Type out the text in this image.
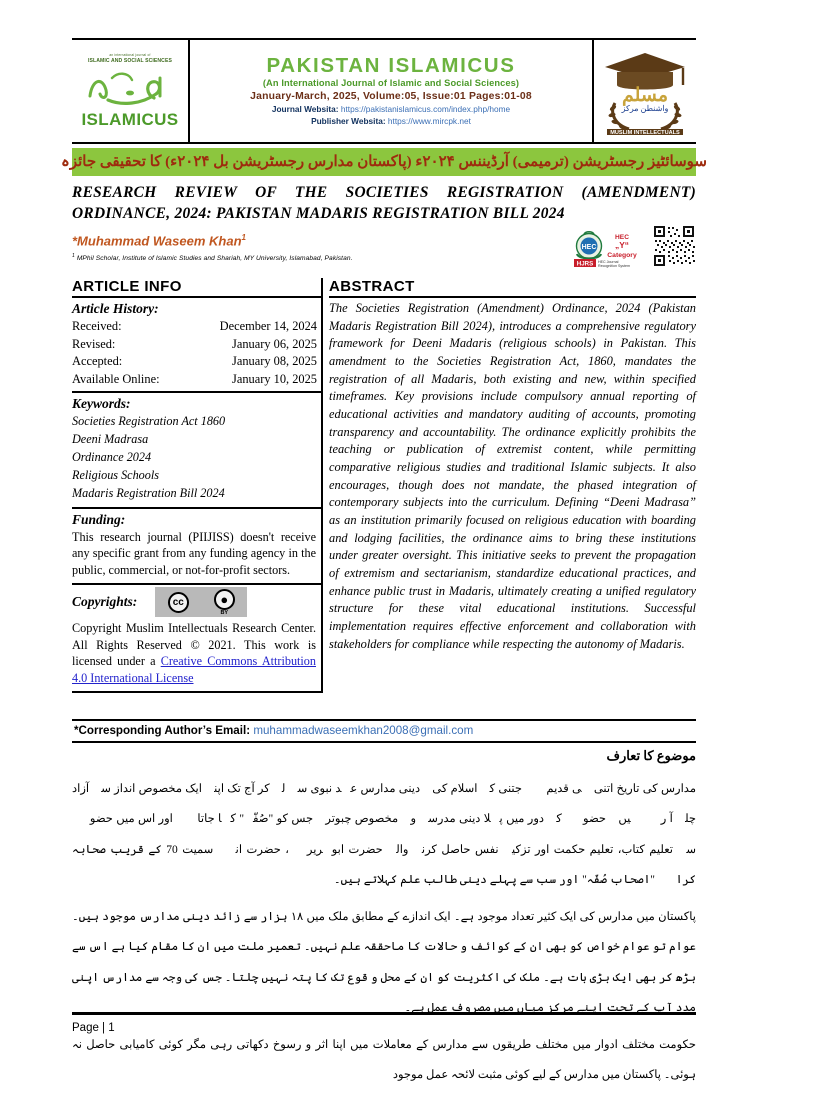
an international journal of
ISLAMIC AND SOCIAL SCIENCES
ISLAMICUS
PAKISTAN ISLAMICUS
(An International Journal of Islamic and Social Sciences)
January-March, 2025, Volume:05, Issue:01 Pages:01-08
Journal Websita: https://pakistanislamicus.com/index.php/home
Publisher Websita: https://www.mircpk.net
مسلم
واشنطن مركز
MUSLIM INTELLECTUALS
سوسائٹیز رجسٹریشن (ترمیمی) آرڈیننس ۲۰۲۴ء (پاکستان مدارس رجسٹریشن بل ۲۰۲۴ء) کا تحقیقی جائزہ
RESEARCH REVIEW OF THE SOCIETIES REGISTRATION (AMENDMENT) ORDINANCE, 2024: PAKISTAN MADARIS REGISTRATION BILL 2024
*Muhammad Waseem Khan$^1$
$^1$ MPhil Scholar, Institute of Islamic Studies and Shariah, MY University, Islamabad, Pakistan.
HEC
HEC
„Y“
Category
HJRS HEC Journal
Recognition System
ARTICLE INFO
Article History:
Received:	December 14, 2024
Revised:	January 06, 2025
Accepted:	January 08, 2025
Available Online:	January 10, 2025
Keywords:
Societies Registration Act 1860
Deeni Madrasa
Ordinance 2024
Religious Schools
Madaris Registration Bill 2024
Funding:
This research journal (PIIJISS) doesn't receive any specific grant from any funding agency in the public, commercial, or not-for-profit sectors.
Copyrights:	cc	●
BY
Copyright Muslim Intellectuals Research Center. All Rights Reserved © 2021. This work is licensed under a Creative Commons Attribution 4.0 International License
ABSTRACT
The Societies Registration (Amendment) Ordinance, 2024 (Pakistan Madaris Registration Bill 2024), introduces a comprehensive regulatory framework for Deeni Madaris (religious schools) in Pakistan. This amendment to the Societies Registration Act, 1860, mandates the registration of all Madaris, both existing and new, within specified timeframes. Key provisions include compulsory annual reporting of educational activities and mandatory auditing of accounts, promoting transparency and accountability. The ordinance explicitly prohibits the teaching or publication of extremist content, while permitting comparative religious studies and traditional Islamic subjects. It also encourages, though does not mandate, the phased integration of contemporary subjects into the curriculum. Defining “Deeni Madrasa” as an institution primarily focused on religious education with boarding and lodging facilities, the ordinance aims to bring these institutions under greater oversight. This initiative seeks to prevent the propagation of extremism and sectarianism, standardize educational practices, and enhance public trust in Madaris, ultimately creating a unified regulatory structure for these vital educational institutions. Successful implementation requires effective enforcement and collaboration with stakeholders for compliance while respecting the autonomy of Madaris.
*Corresponding Author’s Email: muhammadwaseemkhan2008@gmail.com
موضوع کا تعارف

مدارس کی تاریخ اتنی ہی قدیم ہے جتنی کہ اسلام کی۔ دینی مدارس عہد نبوی سے لے کر آج تک اپنے ایک مخصوص انداز سے آزاد چلے آ رہے ہیں۔ حضورؐ کے دور میں پہلا دینی مدرسہ وہ مخصوص چبوترہ جس کو "صُفّہ" کہا جاتا ہے اور اس میں حضورؐ سے تعلیم کتاب، تعلیم حکمت اور تزکیہ نفس حاصل کرنے والے حضرت ابوہریرہؓ، حضرت انسؓ سمیت 70 کے قریب صحابہ کرامؓ "اصحاب صُفّہ" اور سب سے پہلے دینی طالب علم کہلاتے ہیں۔

پاکستان میں مدارس کی ایک کثیر تعداد موجود ہے۔ ایک اندازے کے مطابق ملک میں ۱۸ ہزار سے زائد دینی مدارس موجود ہیں۔ عوام تو عوام خواص کو بھی ان کے کوائف و حالات کا ماحققہ علم نہیں۔ تعمیر ملت میں ان کا مقام کیا ہے اس سے بڑھ کر بھی ایک بڑی بات ہے۔ ملک کی اکثریت کو ان کے محل و قوع تک کا پتہ نہیں چلتا۔ جس کی وجہ سے مدارس اپنی مدد آپ کے تحت اپنے مرکز میاں میں مصروف عمل ہے۔

حکومت مختلف ادوار میں مختلف طریقوں سے مدارس کے معاملات میں اپنا اثر و رسوخ دکھاتی رہی مگر کوئی کامیابی حاصل نہ ہوئی۔ پاکستان میں مدارس کے لیے کوئی مثبت لائحہ عمل موجود

Page | 1
